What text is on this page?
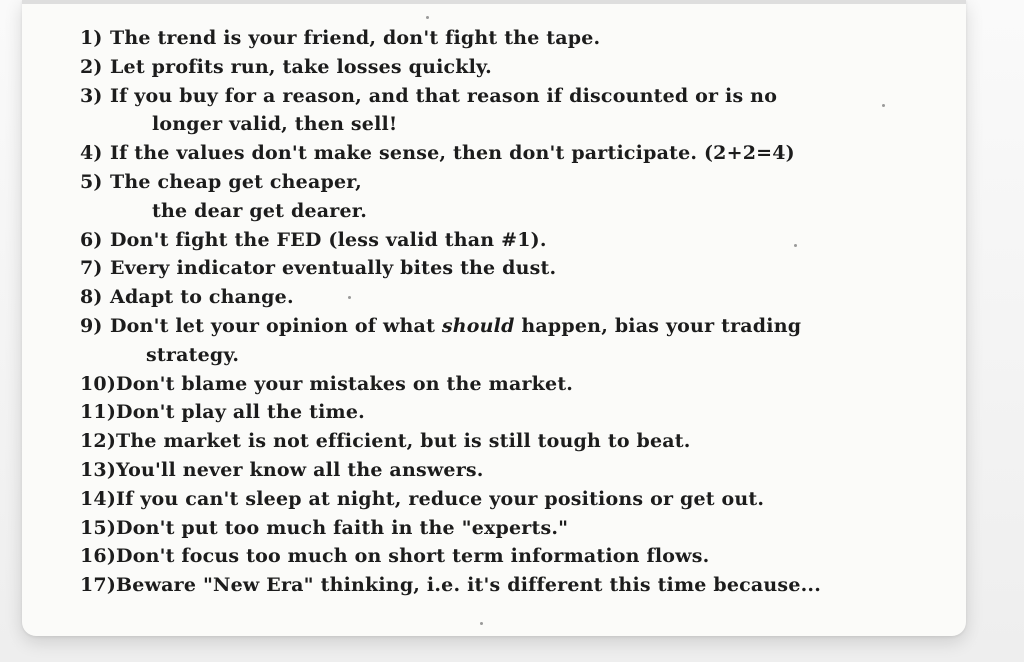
1) The trend is your friend, don't fight the tape.
2) Let profits run, take losses quickly.
3) If you buy for a reason, and that reason if discounted or is no
longer valid, then sell!
4) If the values don't make sense, then don't participate. (2+2=4)
5) The cheap get cheaper,
the dear get dearer.
6) Don't fight the FED (less valid than #1).
7) Every indicator eventually bites the dust.
8) Adapt to change.
9) Don't let your opinion of what should happen, bias your trading
strategy.
10) Don't blame your mistakes on the market.
11) Don't play all the time.
12) The market is not efficient, but is still tough to beat.
13) You'll never know all the answers.
14) If you can't sleep at night, reduce your positions or get out.
15) Don't put too much faith in the "experts."
16) Don't focus too much on short term information flows.
17) Beware "New Era" thinking, i.e. it's different this time because...
